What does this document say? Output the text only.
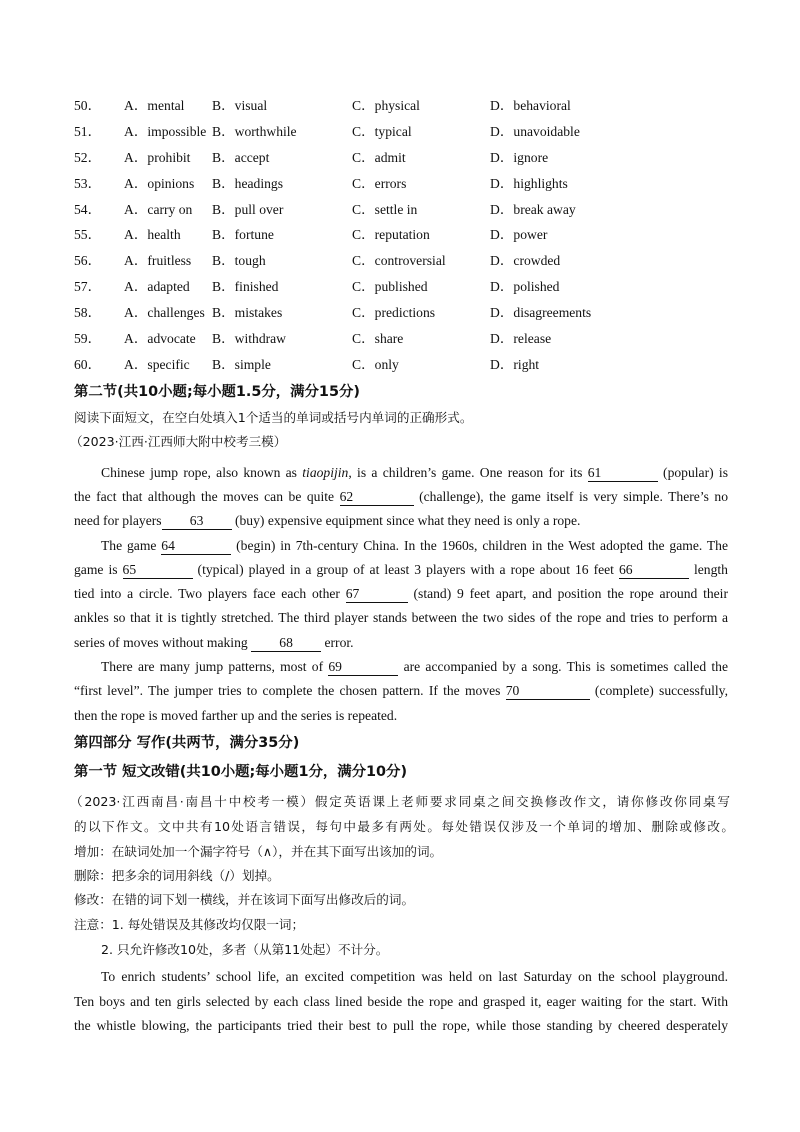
50． A．mental B．visual	C．physical	D．behavioral
51． A．impossible B．worthwhile	C．typical	D．unavoidable
52． A．prohibit B．accept	C．admit	D．ignore
53． A．opinions B．headings	C．errors	D．highlights
54． A．carry on B．pull over	C．settle in	D．break away
55． A．health B．fortune	C．reputation	D．power
56． A．fruitless B．tough	C．controversial	D．crowded
57． A．adapted B．finished	C．published	D．polished
58． A．challenges B．mistakes	C．predictions	D．disagreements
59． A．advocate B．withdraw	C．share	D．release
60． A．specific B．simple	C．only	D．right
第二节(共10小题;每小题1.5分，满分15分)
阅读下面短文，在空白处填入1个适当的单词或括号内单词的正确形式。
（2023·江西·江西师大附中校考三模）
Chinese jump rope, also known as tiaopijin, is a children’s game. One reason for its 61	(popular) is
the fact that although the moves can be quite 62	(challenge), the game itself is very simple. There’s no
need for players 63 (buy) expensive equipment since what they need is only a rope.
The game 64	(begin) in 7th-century China. In the 1960s, children in the West adopted the game. The
game is 65	(typical) played in a group of at least 3 players with a rope about 16 feet 66	length
tied into a circle. Two players face each other 67	(stand) 9 feet apart, and position the rope around their
ankles so that it is tightly stretched. The third player stands between the two sides of the rope and tries to perform a
series of moves without making 68 error.
There are many jump patterns, most of 69	are accompanied by a song. This is sometimes called the
“first level”. The jumper tries to complete the chosen pattern. If the moves 70	(complete) successfully,
then the rope is moved farther up and the series is repeated.
第四部分 写作(共两节，满分35分)
第一节 短文改错(共10小题;每小题1分，满分10分)
（2023·江西南昌·南昌十中校考一模）假定英语课上老师要求同桌之间交换修改作文，请你修改你同桌写
的以下作文。文中共有10处语言错误，每句中最多有两处。每处错误仅涉及一个单词的增加、删除或修改。
增加：在缺词处加一个漏字符号（∧），并在其下面写出该加的词。
删除：把多余的词用斜线（/）划掉。
修改：在错的词下划一横线，并在该词下面写出修改后的词。
注意：1. 每处错误及其修改均仅限一词；
2. 只允许修改10处，多者（从第11处起）不计分。
To enrich students’ school life, an excited competition was held on last Saturday on the school playground.
Ten boys and ten girls selected by each class lined beside the rope and grasped it, eager waiting for the start. With
the whistle blowing, the participants tried their best to pull the rope, while those standing by cheered desperately
